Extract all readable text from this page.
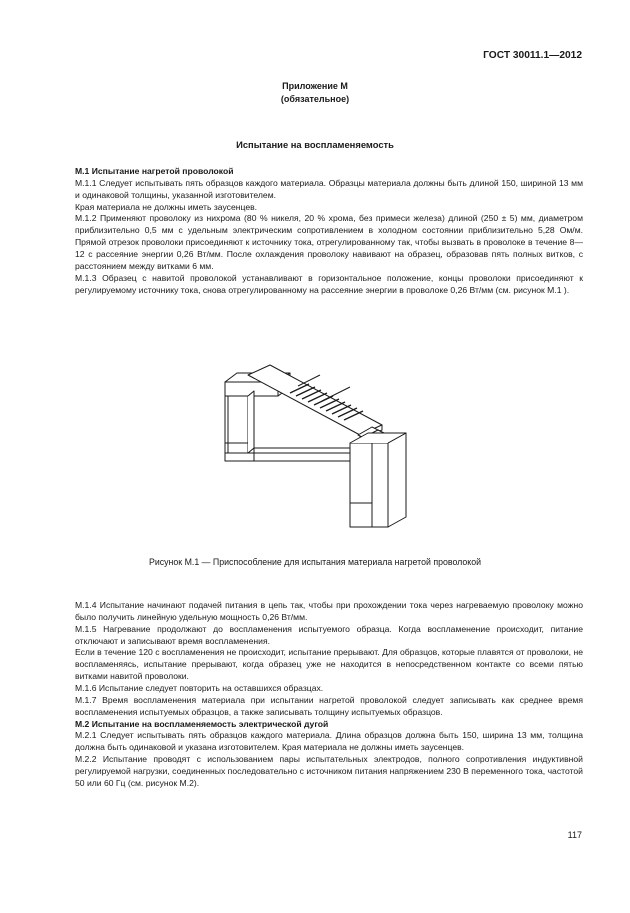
ГОСТ 30011.1—2012
Приложение М
(обязательное)
Испытание на воспламеняемость

М.1 Испытание нагретой проволокой

М.1.1 Следует испытывать пять образцов каждого материала. Образцы материала должны быть длиной 150, шириной 13 мм и одинаковой толщины, указанной изготовителем.

Края материала не должны иметь заусенцев.

М.1.2 Применяют проволоку из нихрома (80 % никеля, 20 % хрома, без примеси железа) длиной (250 ± 5) мм, диаметром приблизительно 0,5 мм с удельным электрическим сопротивлением в холодном состоянии приблизительно 5,28 Ом/м. Прямой отрезок проволоки присоединяют к источнику тока, отрегулированному так, чтобы вызвать в проволоке в течение 8—12 с рассеяние энергии 0,26 Вт/мм. После охлаждения проволоку навивают на образец, образовав пять полных витков, с расстоянием между витками 6 мм.

М.1.3 Образец с навитой проволокой устанавливают в горизонтальное положение, концы проволоки присоединяют к регулируемому источнику тока, снова отрегулированному на рассеяние энергии в проволоке 0,26 Вт/мм (см. рисунок М.1 ).

Рисунок М.1 — Приспособление для испытания материала нагретой проволокой

М.1.4 Испытание начинают подачей питания в цепь так, чтобы при прохождении тока через нагреваемую проволоку можно было получить линейную удельную мощность 0,26 Вт/мм.

М.1.5 Нагревание продолжают до воспламенения испытуемого образца. Когда воспламенение происходит, питание отключают и записывают время воспламенения.

Если в течение 120 с воспламенения не происходит, испытание прерывают. Для образцов, которые плавятся от проволоки, не воспламеняясь, испытание прерывают, когда образец уже не находится в непосредственном контакте со всеми пятью витками навитой проволоки.

М.1.6 Испытание следует повторить на оставшихся образцах.

М.1.7 Время воспламенения материала при испытании нагретой проволокой следует записывать как среднее время воспламенения испытуемых образцов, а также записывать толщину испытуемых образцов.

М.2 Испытание на воспламеняемость электрической дугой

М.2.1 Следует испытывать пять образцов каждого материала. Длина образцов должна быть 150, ширина 13 мм, толщина должна быть одинаковой и указана изготовителем. Края материала не должны иметь заусенцев.

М.2.2 Испытание проводят с использованием пары испытательных электродов, полного сопротивления индуктивной регулируемой нагрузки, соединенных последовательно с источником питания напряжением 230 В переменного тока, частотой 50 или 60 Гц (см. рисунок М.2).

117
